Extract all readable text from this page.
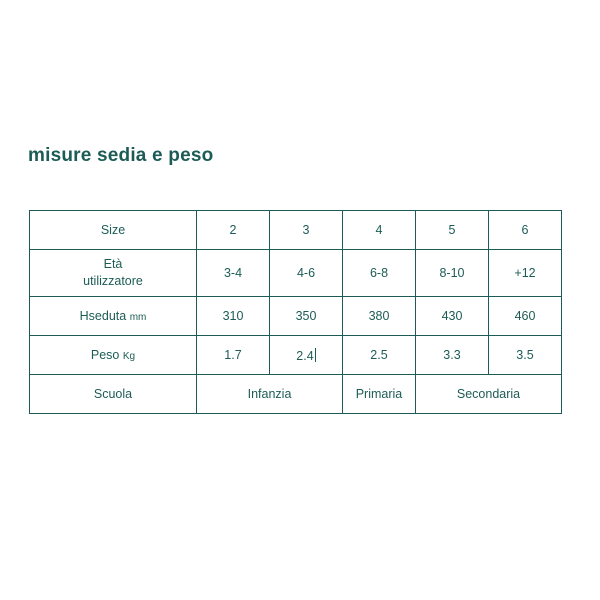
misure sedia e peso
Size	2	3	4	5	6
Età
utilizzatore	3-4	4-6	6-8	8-10	+12
Hseduta mm	310	350	380	430	460
Peso Kg	1.7	2.4	2.5	3.3	3.5
Scuola	Infanzia		Primaria	Secondaria	
